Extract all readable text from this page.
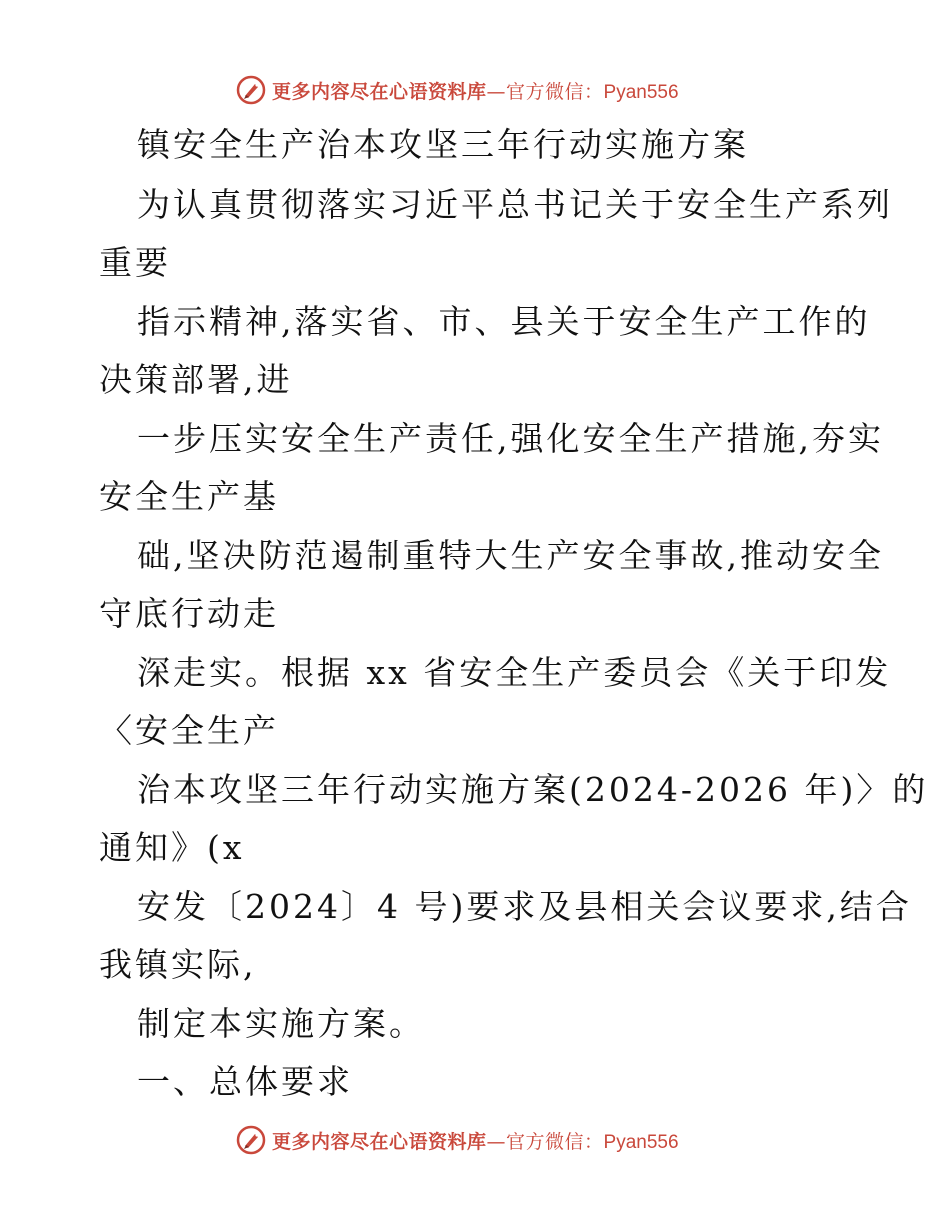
更多内容尽在心语资料库—官方微信：Pyan556
镇安全生产治本攻坚三年行动实施方案
为认真贯彻落实习近平总书记关于安全生产系列
重要
指示精神,落实省、市、县关于安全生产工作的
决策部署,进
一步压实安全生产责任,强化安全生产措施,夯实
安全生产基
础,坚决防范遏制重特大生产安全事故,推动安全
守底行动走
深走实。根据 xx 省安全生产委员会《关于印发
〈安全生产
治本攻坚三年行动实施方案(2024-2026 年)〉的
通知》(x
安发〔2024〕4 号)要求及县相关会议要求,结合
我镇实际,
制定本实施方案。
一、总体要求
更多内容尽在心语资料库—官方微信：Pyan556
